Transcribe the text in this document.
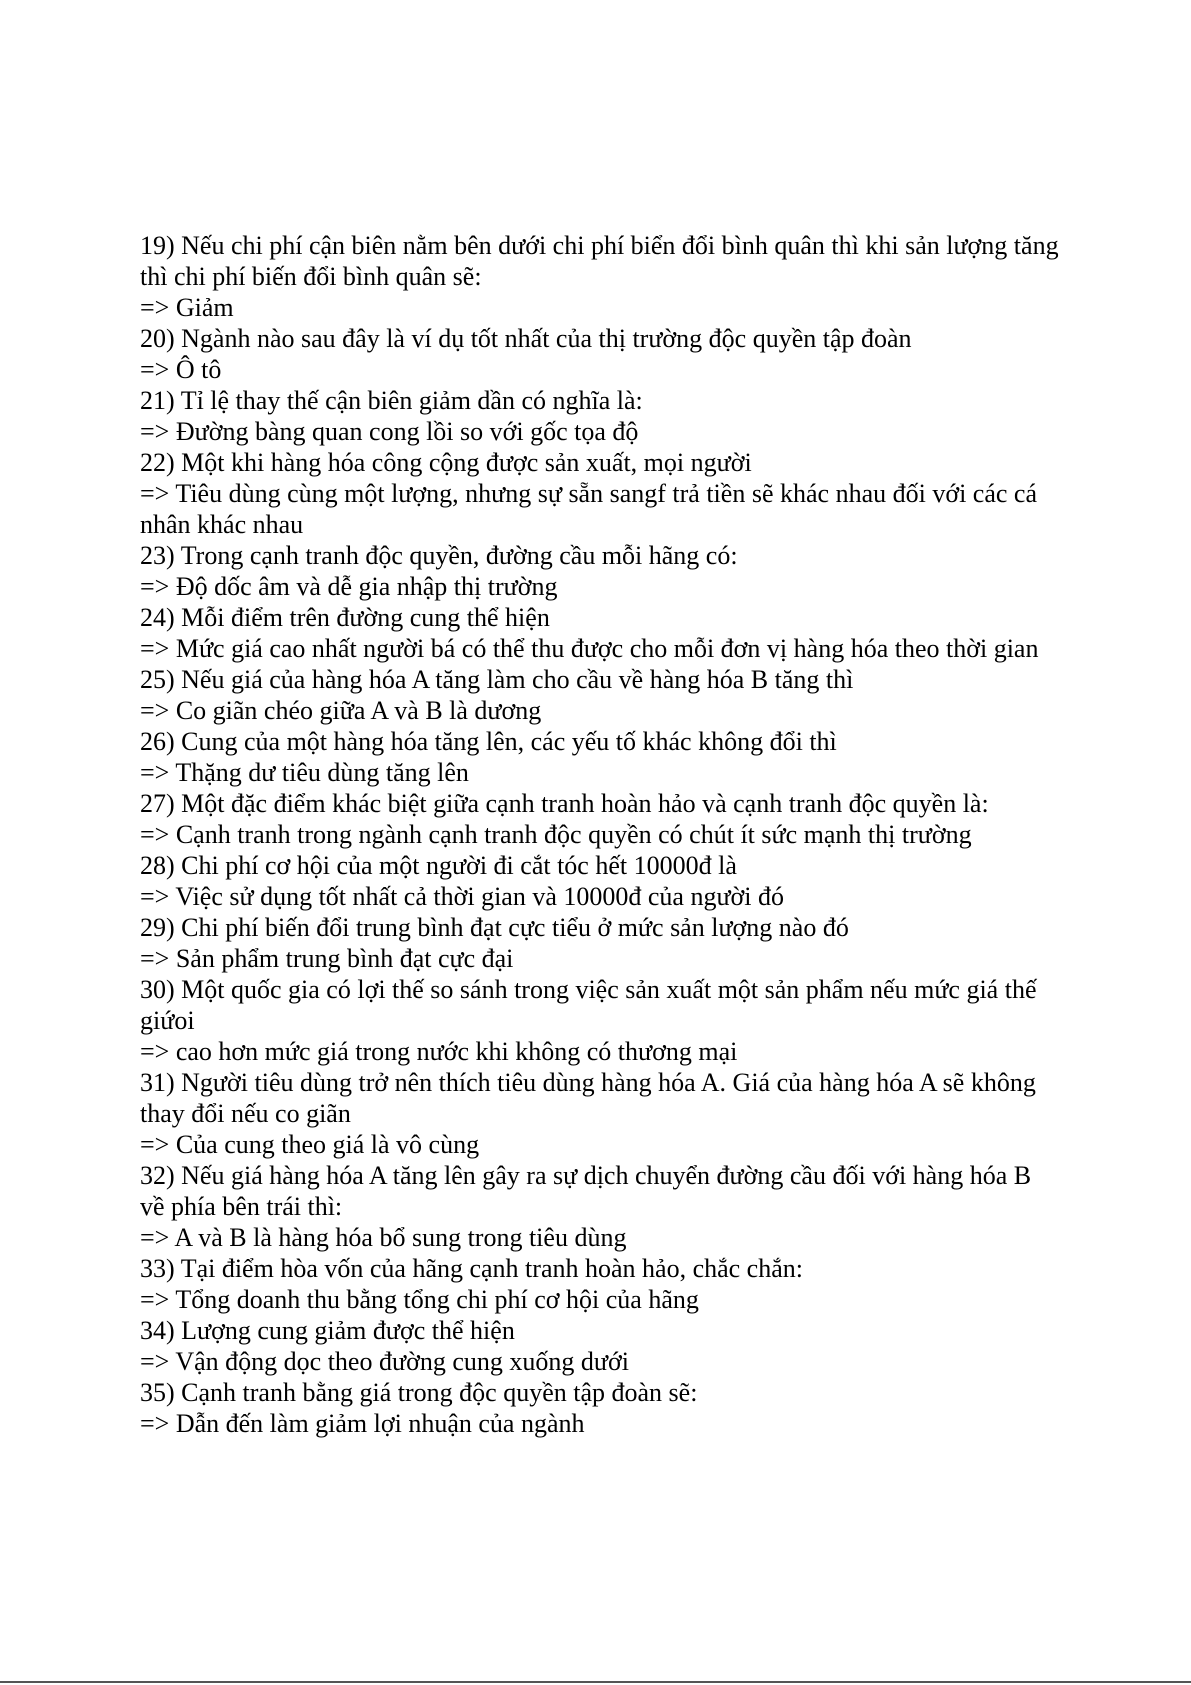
19) Nếu chi phí cận biên nằm bên dưới chi phí biển đổi bình quân thì khi sản lượng tăng thì chi phí biến đổi bình quân sẽ:

=> Giảm

20) Ngành nào sau đây là ví dụ tốt nhất của thị trường độc quyền tập đoàn

=> Ô tô

21) Tỉ lệ thay thế cận biên giảm dần có nghĩa là:

=> Đường bàng quan cong lồi so với gốc tọa độ

22) Một khi hàng hóa công cộng được sản xuất, mọi người

=> Tiêu dùng cùng một lượng, nhưng sự sẵn sangf trả tiền sẽ khác nhau đối với các cá nhân khác nhau

23) Trong cạnh tranh độc quyền, đường cầu mỗi hãng có:

=> Độ dốc âm và dễ gia nhập thị trường

24) Mỗi điểm trên đường cung thể hiện

=> Mức giá cao nhất người bá có thể thu được cho mỗi đơn vị hàng hóa theo thời gian

25) Nếu giá của hàng hóa A tăng làm cho cầu về hàng hóa B tăng thì

=> Co giãn chéo giữa A và B là dương

26) Cung của một hàng hóa tăng lên, các yếu tố khác không đổi thì

=> Thặng dư tiêu dùng tăng lên

27) Một đặc điểm khác biệt giữa cạnh tranh hoàn hảo và cạnh tranh độc quyền là:

=> Cạnh tranh trong ngành cạnh tranh độc quyền có chút ít sức mạnh thị trường

28) Chi phí cơ hội của một người đi cắt tóc hết 10000đ là

=> Việc sử dụng tốt nhất cả thời gian và 10000đ của người đó

29) Chi phí biến đổi trung bình đạt cực tiểu ở mức sản lượng nào đó

=> Sản phẩm trung bình đạt cực đại

30) Một quốc gia có lợi thế so sánh trong việc sản xuất một sản phẩm nếu mức giá thế giứoi

=> cao hơn mức giá trong nước khi không có thương mại

31) Người tiêu dùng trở nên thích tiêu dùng hàng hóa A. Giá của hàng hóa A sẽ không thay đổi nếu co giãn

=> Của cung theo giá là vô cùng

32) Nếu giá hàng hóa A tăng lên gây ra sự dịch chuyển đường cầu đối với hàng hóa B về phía bên trái thì:

=> A và B là hàng hóa bổ sung trong tiêu dùng

33) Tại điểm hòa vốn của hãng cạnh tranh hoàn hảo, chắc chắn:

=> Tổng doanh thu bằng tổng chi phí cơ hội của hãng

34) Lượng cung giảm được thể hiện

=> Vận động dọc theo đường cung xuống dưới

35) Cạnh tranh bằng giá trong độc quyền tập đoàn sẽ:

=> Dẫn đến làm giảm lợi nhuận của ngành
